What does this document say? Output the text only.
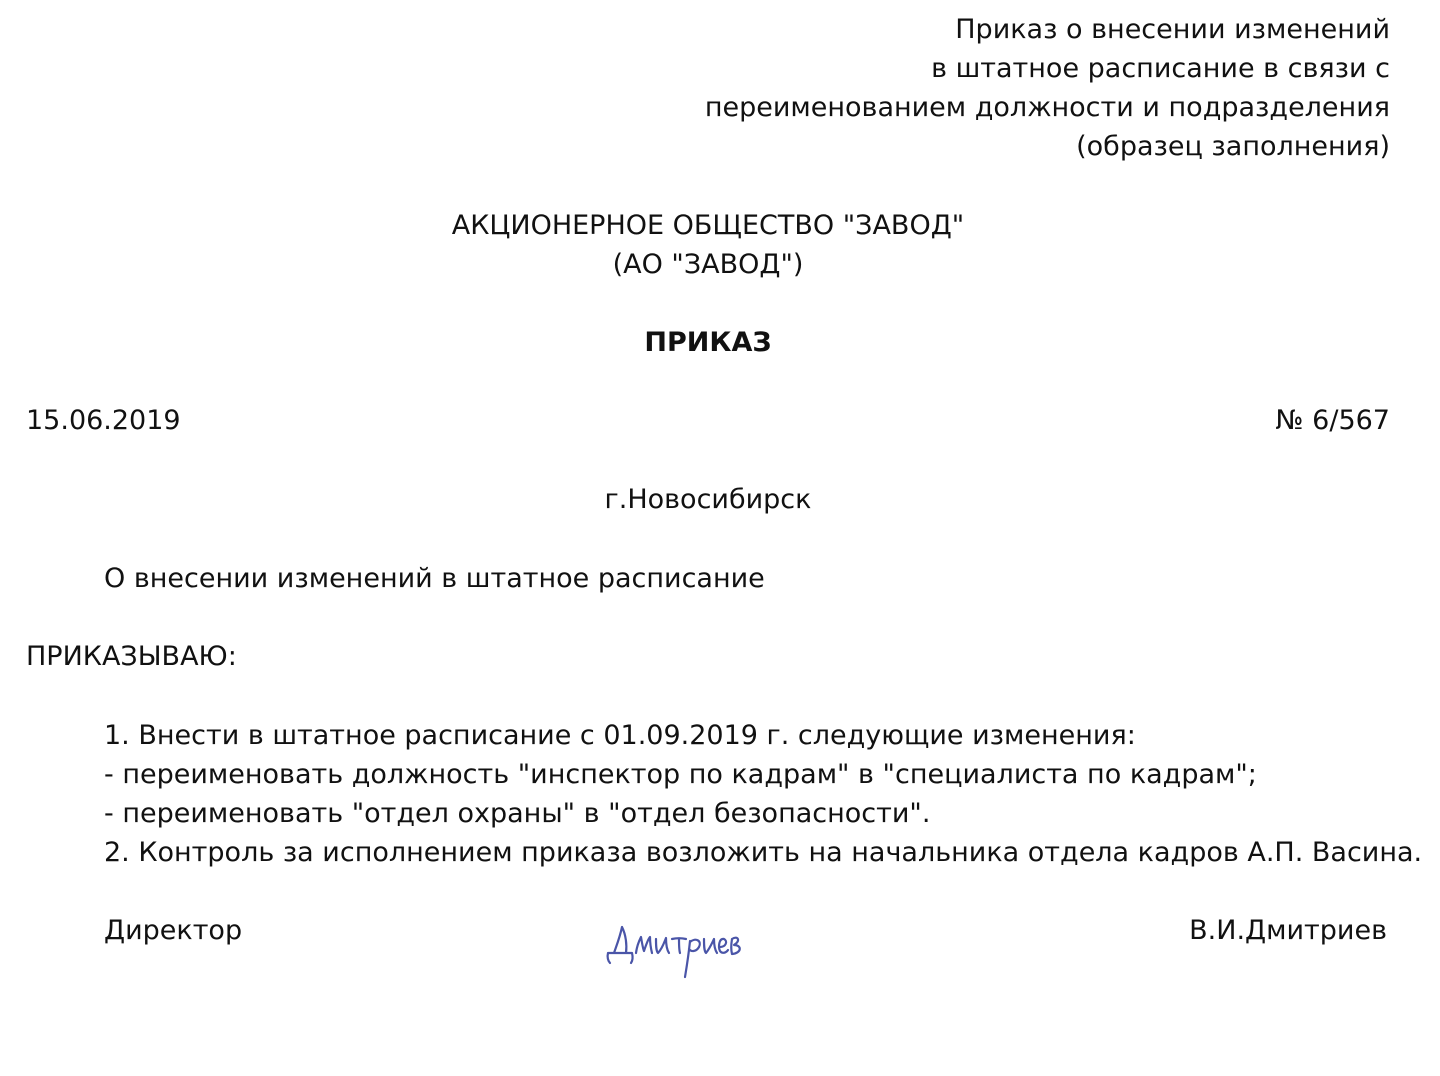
Приказ о внесении изменений
в штатное расписание в связи с
переименованием должности и подразделения
(образец заполнения)
АКЦИОНЕРНОЕ ОБЩЕСТВО "ЗАВОД"
(АО "ЗАВОД")
ПРИКАЗ
15.06.2019	№ 6/567
г.Новосибирск
О внесении изменений в штатное расписание
ПРИКАЗЫВАЮ:
1. Внести в штатное расписание с 01.09.2019 г. следующие изменения:
- переименовать должность "инспектор по кадрам" в "специалиста по кадрам";
- переименовать "отдел охраны" в "отдел безопасности".
2. Контроль за исполнением приказа возложить на начальника отдела кадров А.П. Васина.
Директор	В.И.Дмитриев
